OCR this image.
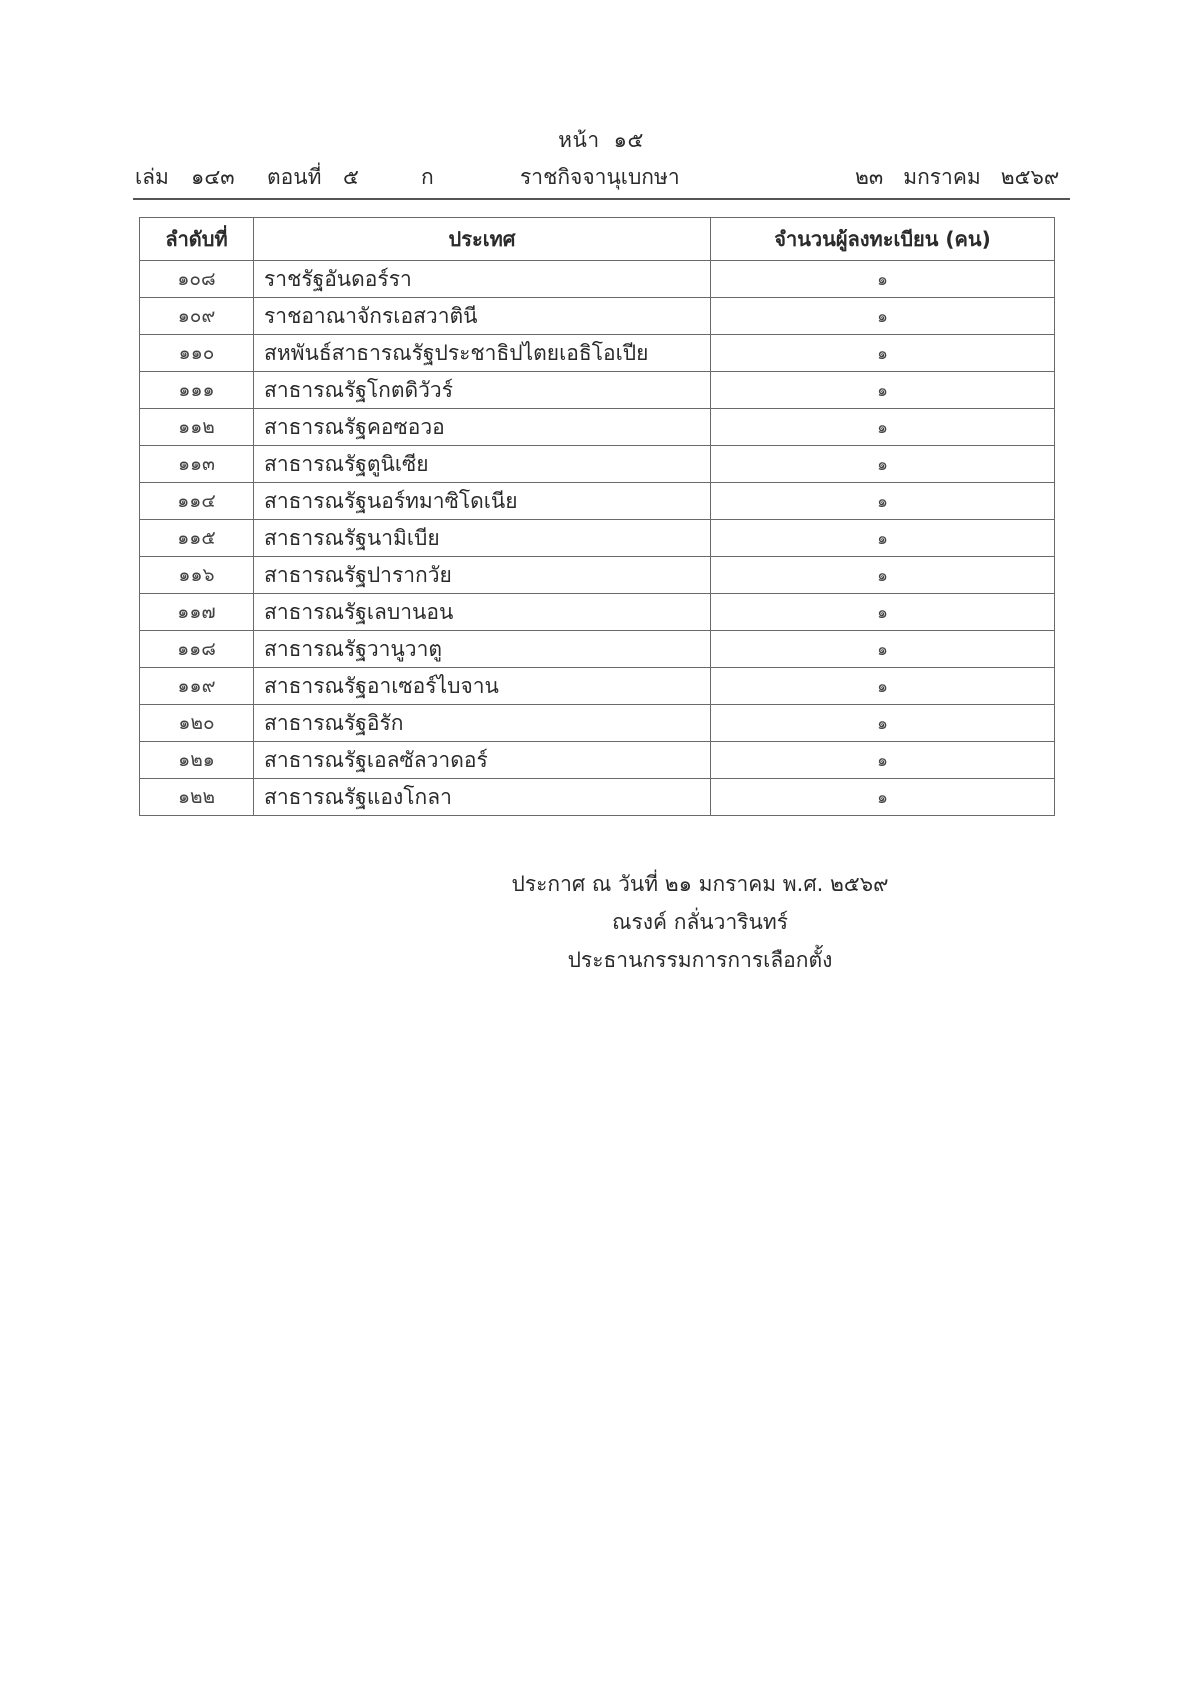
หน้า ๑๕
เล่ม ๑๔๓ ตอนที่ ๕	ก	ราชกิจจานุเบกษา	๒๓   มกราคม   ๒๕๖๙
ลำดับที่	ประเทศ	จำนวนผู้ลงทะเบียน (คน)
๑๐๘	ราชรัฐอันดอร์รา	๑
๑๐๙	ราชอาณาจักรเอสวาตินี	๑
๑๑๐	สหพันธ์สาธารณรัฐประชาธิปไตยเอธิโอเปีย	๑
๑๑๑	สาธารณรัฐโกตดิวัวร์	๑
๑๑๒	สาธารณรัฐคอซอวอ	๑
๑๑๓	สาธารณรัฐตูนิเซีย	๑
๑๑๔	สาธารณรัฐนอร์ทมาซิโดเนีย	๑
๑๑๕	สาธารณรัฐนามิเบีย	๑
๑๑๖	สาธารณรัฐปารากวัย	๑
๑๑๗	สาธารณรัฐเลบานอน	๑
๑๑๘	สาธารณรัฐวานูวาตู	๑
๑๑๙	สาธารณรัฐอาเซอร์ไบจาน	๑
๑๒๐	สาธารณรัฐอิรัก	๑
๑๒๑	สาธารณรัฐเอลซัลวาดอร์	๑
๑๒๒	สาธารณรัฐแองโกลา	๑
ประกาศ ณ วันที่ ๒๑ มกราคม พ.ศ. ๒๕๖๙
ณรงค์ กลั่นวารินทร์
ประธานกรรมการการเลือกตั้ง
